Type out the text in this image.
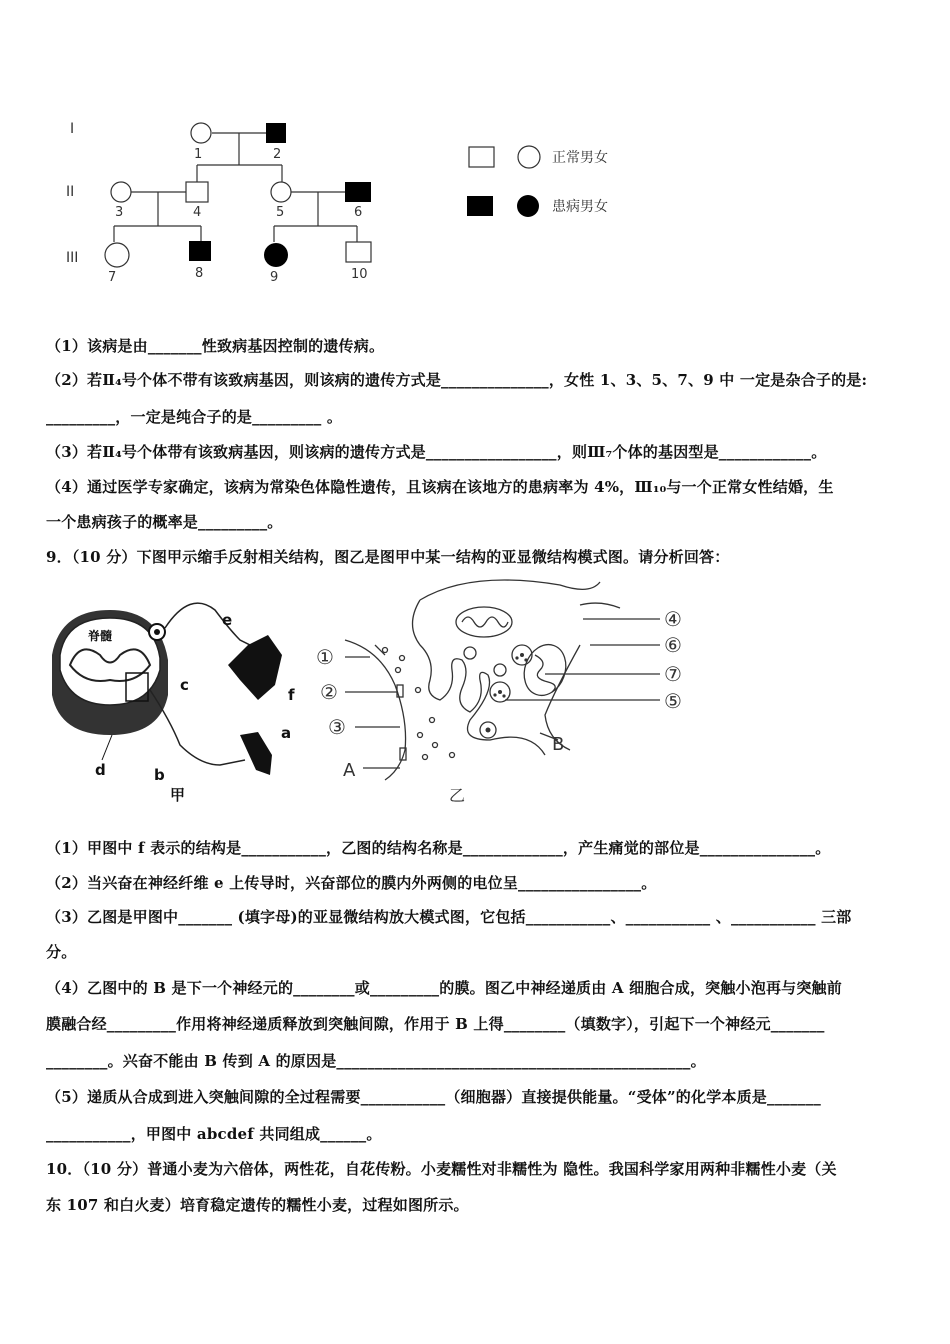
I
II
III
1	2
3	4	5	6
7	8	9	10
正常男女
患病男女
（1）该病是由_______性致病基因控制的遗传病。
（2）若Ⅱ₄号个体不带有该致病基因，则该病的遗传方式是______________，女性 1、3、5、7、9 中 一定是杂合子的是:
_________，一定是纯合子的是_________ 。
（3）若Ⅱ₄号个体带有该致病基因，则该病的遗传方式是_________________，则Ⅲ₇个体的基因型是____________。
（4）通过医学专家确定，该病为常染色体隐性遗传，且该病在该地方的患病率为 4%，Ⅲ₁₀与一个正常女性结婚，生
一个患病孩子的概率是_________。
9．（10 分）下图甲示缩手反射相关结构，图乙是图甲中某一结构的亚显微结构模式图。请分析回答：
脊髓
e
c
f
a
d	b
甲
①
②
③
A
④
⑥
⑦
⑤
B
乙
（1）甲图中 f 表示的结构是___________，乙图的结构名称是_____________，产生痛觉的部位是_______________。
（2）当兴奋在神经纤维 e 上传导时，兴奋部位的膜内外两侧的电位呈________________。
（3）乙图是甲图中_______ (填字母)的亚显微结构放大模式图，它包括___________、___________ 、___________ 三部
分。
（4）乙图中的 B 是下一个神经元的________或_________的膜。图乙中神经递质由 A 细胞合成，突触小泡再与突触前
膜融合经_________作用将神经递质释放到突触间隙，作用于 B 上得________（填数字），引起下一个神经元_______
________。兴奋不能由 B 传到 A 的原因是______________________________________________。
（5）递质从合成到进入突触间隙的全过程需要___________（细胞器）直接提供能量。“受体”的化学本质是_______
___________，甲图中 abcdef 共同组成______。
10．（10 分）普通小麦为六倍体，两性花，自花传粉。小麦糯性对非糯性为 隐性。我国科学家用两种非糯性小麦（关
东 107 和白火麦）培育稳定遗传的糯性小麦，过程如图所示。
